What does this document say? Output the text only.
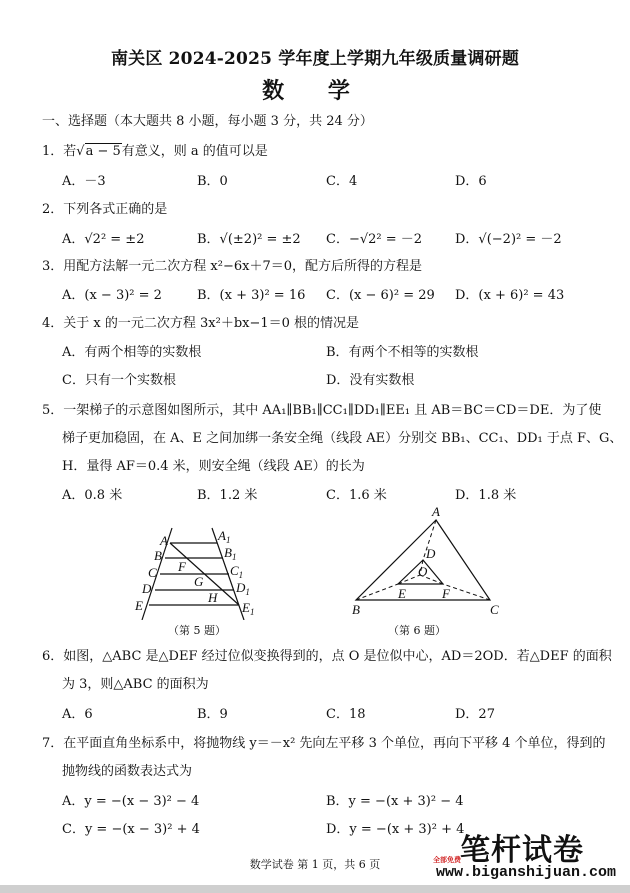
南关区 2024-2025 学年度上学期九年级质量调研题
数 学
一、选择题（本大题共 8 小题，每小题 3 分，共 24 分）
1．若√a − 5有意义，则 a 的值可以是
A．－3	B．0	C．4	D．6
2．下列各式正确的是
A．√2² = ±2	B．√(±2)² = ±2 C．−√2² = －2	D．√(−2)² = －2
3．用配方法解一元二次方程 x²−6x＋7＝0，配方后所得的方程是
A．(x − 3)² = 2	B．(x + 3)² = 16 C．(x − 6)² = 29 D．(x + 6)² = 43
4．关于 x 的一元二次方程 3x²＋bx−1＝0 根的情况是
A．有两个相等的实数根	B．有两个不相等的实数根
C．只有一个实数根	D．没有实数根
5．一架梯子的示意图如图所示，其中 AA₁∥BB₁∥CC₁∥DD₁∥EE₁ 且 AB＝BC＝CD＝DE．为了使
梯子更加稳固，在 A、E 之间加绑一条安全绳（线段 AE）分别交 BB₁、CC₁、DD₁ 于点 F、G、
H．量得 AF＝0.4 米，则安全绳（线段 AE）的长为
A．0.8 米	B．1.2 米	C．1.6 米	D．1.8 米
A
B
C
D
E
$A_1$
$B_1$
$C_1$
$D_1$
$E_1$
F
G
H
（第 5 题）
A
B	C
D
O
E	F
（第 6 题）
6．如图，△ABC 是△DEF 经过位似变换得到的，点 O 是位似中心，AD＝2OD．若△DEF 的面积
为 3，则△ABC 的面积为
A．6	B．9	C．18	D．27
7．在平面直角坐标系中，将抛物线 y＝－x² 先向左平移 3 个单位，再向下平移 4 个单位，得到的
抛物线的函数表达式为
A．y = −(x − 3)² − 4	B．y = −(x + 3)² − 4
C．y = −(x − 3)² + 4	D．y = −(x + 3)² + 4
数学试卷 第 1 页，共 6 页	笔杆试卷
全部免费
www.biganshijuan.com
